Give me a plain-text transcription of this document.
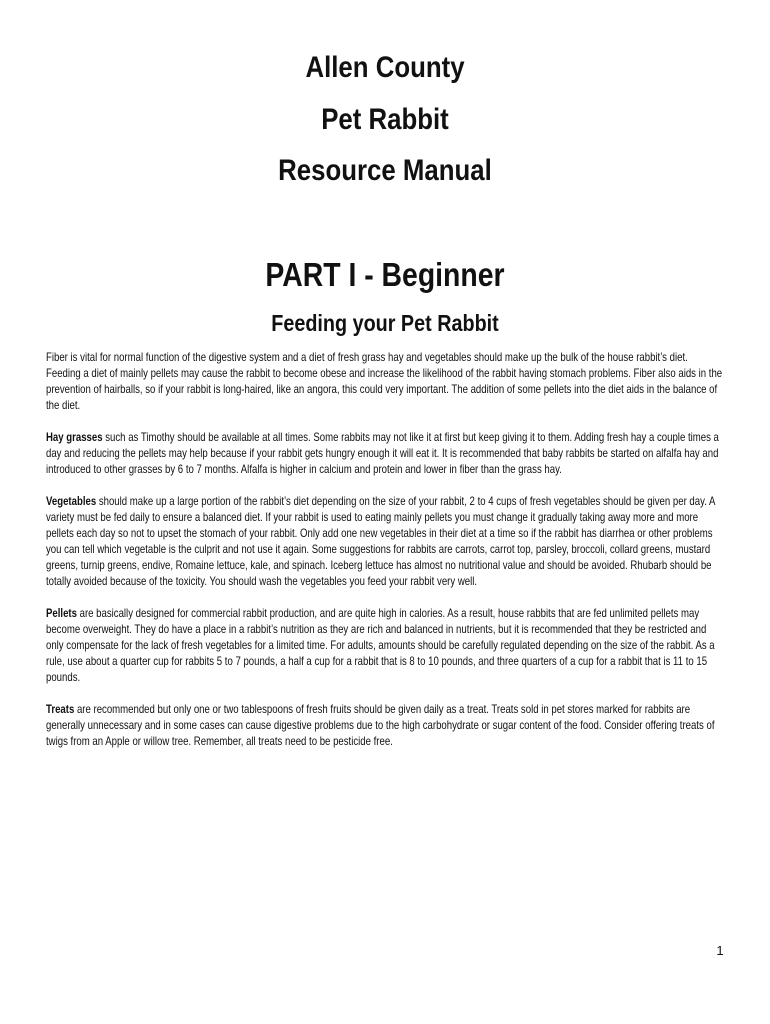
Allen County
Pet Rabbit
Resource Manual
PART I - Beginner
Feeding your Pet Rabbit

Fiber is vital for normal function of the digestive system and a diet of fresh grass hay and vegetables should make up the bulk of the house rabbit’s diet. Feeding a diet of mainly pellets may cause the rabbit to become obese and increase the likelihood of the rabbit having stomach problems. Fiber also aids in the prevention of hairballs, so if your rabbit is long-haired, like an angora, this could very important. The addition of some pellets into the diet aids in the balance of the diet.

Hay grasses such as Timothy should be available at all times. Some rabbits may not like it at first but keep giving it to them. Adding fresh hay a couple times a day and reducing the pellets may help because if your rabbit gets hungry enough it will eat it. It is recommended that baby rabbits be started on alfalfa hay and introduced to other grasses by 6 to 7 months. Alfalfa is higher in calcium and protein and lower in fiber than the grass hay.

Vegetables should make up a large portion of the rabbit’s diet depending on the size of your rabbit, 2 to 4 cups of fresh vegetables should be given per day. A variety must be fed daily to ensure a balanced diet. If your rabbit is used to eating mainly pellets you must change it gradually taking away more and more pellets each day so not to upset the stomach of your rabbit. Only add one new vegetables in their diet at a time so if the rabbit has diarrhea or other problems you can tell which vegetable is the culprit and not use it again. Some suggestions for rabbits are carrots, carrot top, parsley, broccoli, collard greens, mustard greens, turnip greens, endive, Romaine lettuce, kale, and spinach. Iceberg lettuce has almost no nutritional value and should be avoided. Rhubarb should be totally avoided because of the toxicity. You should wash the vegetables you feed your rabbit very well.

Pellets are basically designed for commercial rabbit production, and are quite high in calories. As a result, house rabbits that are fed unlimited pellets may become overweight. They do have a place in a rabbit’s nutrition as they are rich and balanced in nutrients, but it is recommended that they be restricted and only compensate for the lack of fresh vegetables for a limited time. For adults, amounts should be carefully regulated depending on the size of the rabbit. As a rule, use about a quarter cup for rabbits 5 to 7 pounds, a half a cup for a rabbit that is 8 to 10 pounds, and three quarters of a cup for a rabbit that is 11 to 15 pounds.

Treats are recommended but only one or two tablespoons of fresh fruits should be given daily as a treat. Treats sold in pet stores marked for rabbits are generally unnecessary and in some cases can cause digestive problems due to the high carbohydrate or sugar content of the food. Consider offering treats of twigs from an Apple or willow tree. Remember, all treats need to be pesticide free.

1
